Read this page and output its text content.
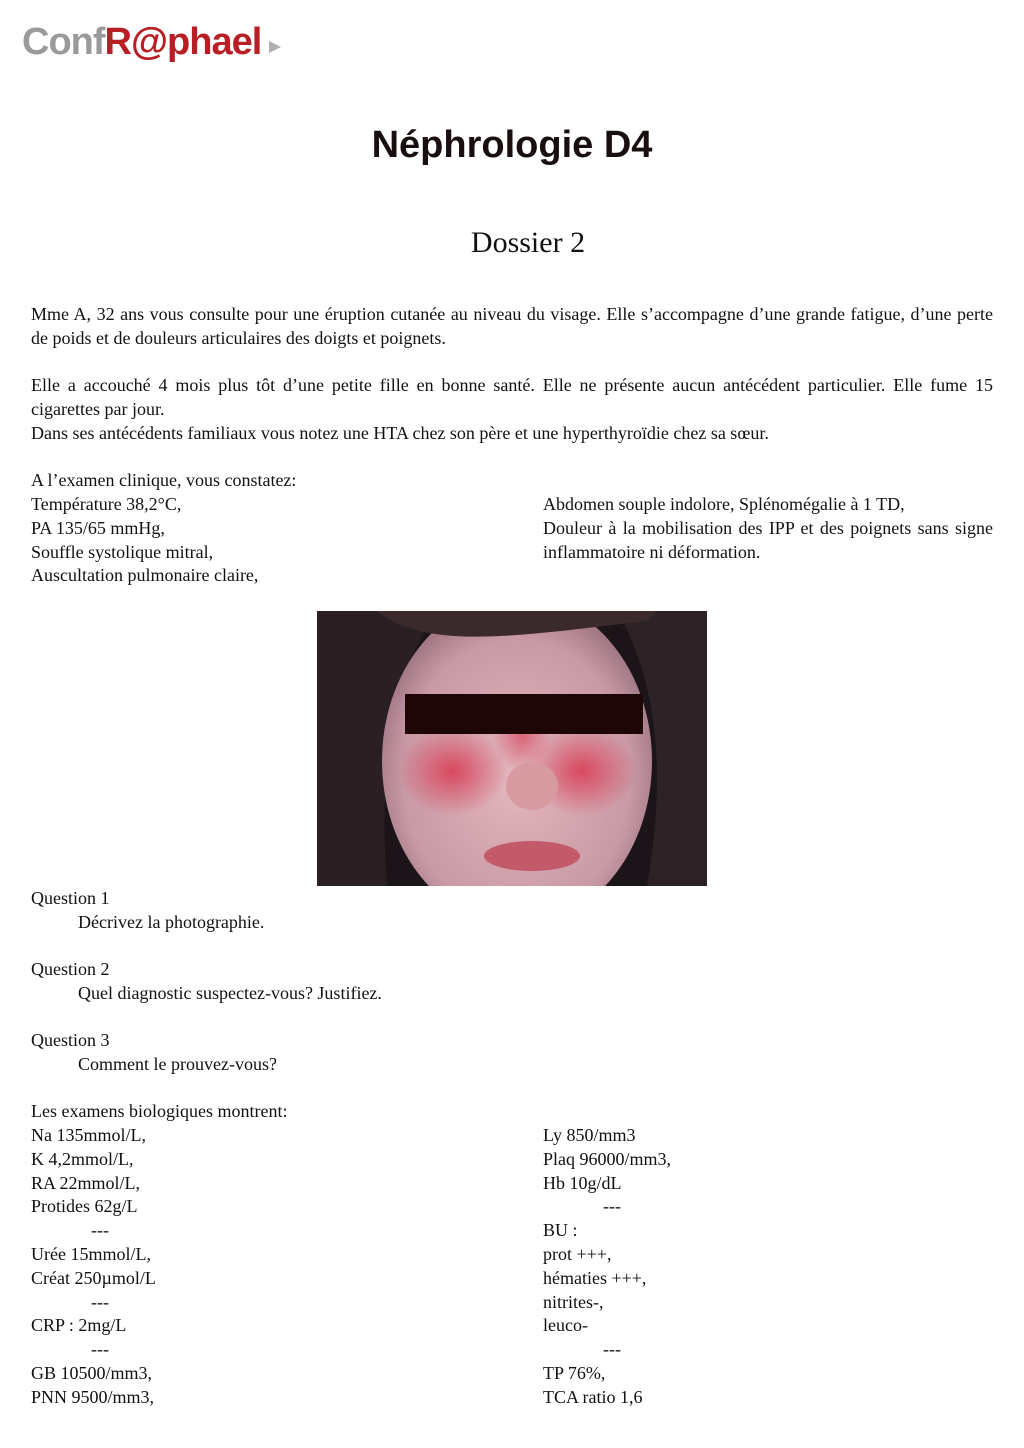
Conf R@phael
Néphrologie D4
Dossier 2

Mme A, 32 ans vous consulte pour une éruption cutanée au niveau du visage. Elle s’accompagne d’une grande fatigue, d’une perte de poids et de douleurs articulaires des doigts et poignets.

Elle a accouché 4 mois plus tôt d’une petite fille en bonne santé. Elle ne présente aucun antécédent particulier. Elle fume 15 cigarettes par jour.

Dans ses antécédents familiaux vous notez une HTA chez son père et une hyperthyroïdie chez sa sœur.

A l’examen clinique, vous constatez:

Température 38,2°C,
PA 135/65 mmHg,
Souffle systolique mitral,
Auscultation pulmonaire claire,
Abdomen souple indolore, Splénomégalie à 1 TD,

Douleur à la mobilisation des IPP et des poignets sans signe inflammatoire ni déformation.

Question 1
Décrivez la photographie.
Question 2
Quel diagnostic suspectez-vous? Justifiez.
Question 3
Comment le prouvez-vous?

Les examens biologiques montrent:

Na 135mmol/L,
K 4,2mmol/L,
RA 22mmol/L,
Protides 62g/L
---
Urée 15mmol/L,
Créat 250µmol/L
---
CRP : 2mg/L
---
GB 10500/mm3,
PNN 9500/mm3,
Ly 850/mm3
Plaq 96000/mm3,
Hb 10g/dL
---
BU :
prot +++,
hématies +++,
nitrites-,
leuco-
---
TP 76%,
TCA ratio 1,6
